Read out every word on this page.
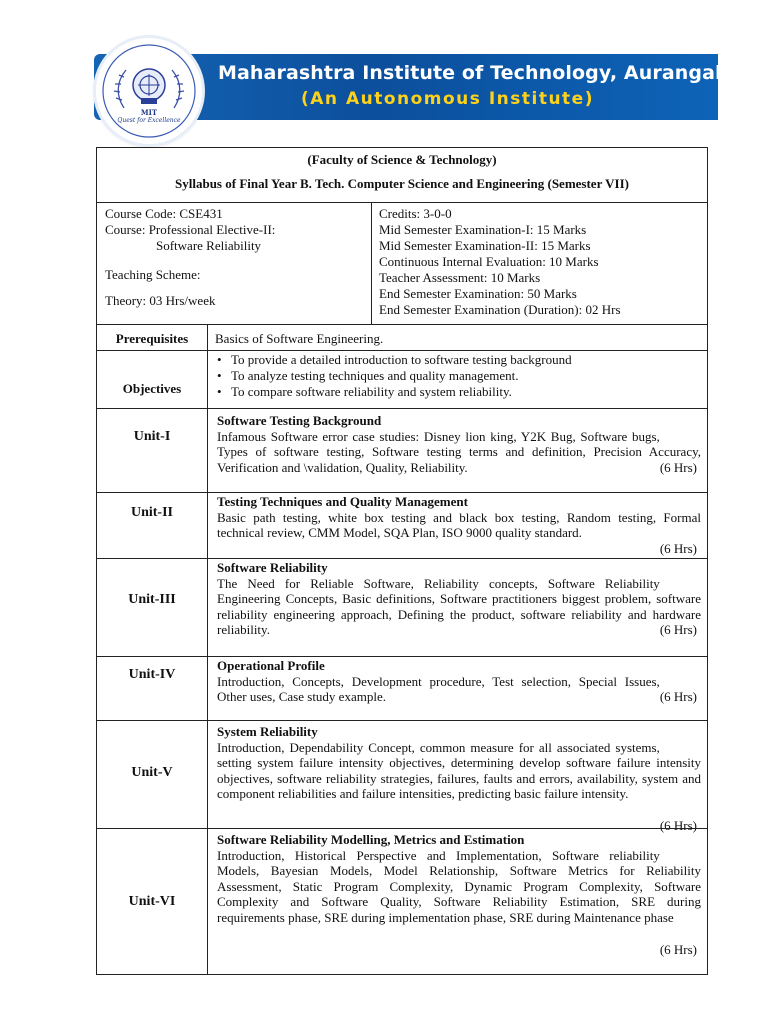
Maharashtra Institute of Technology, Aurangabad
(An Autonomous Institute)
MIT
Quest for Excellence
(Faculty of Science & Technology)
Syllabus of Final Year B. Tech. Computer Science and Engineering (Semester VII)
Course Code: CSE431
Course: Professional Elective-II:
Software Reliability
Teaching Scheme:
Theory: 03 Hrs/week
Credits: 3-0-0
Mid Semester Examination-I: 15 Marks
Mid Semester Examination-II: 15 Marks
Continuous Internal Evaluation: 10 Marks
Teacher Assessment: 10 Marks
End Semester Examination: 50 Marks
End Semester Examination (Duration): 02 Hrs
Prerequisites	Basics of Software Engineering.
Objectives
• To provide a detailed introduction to software testing background
• To analyze testing techniques and quality management.
• To compare software reliability and system reliability.
Unit-I
Software Testing Background
(6 Hrs)
Infamous Software error case studies: Disney lion king, Y2K Bug, Software bugs, Types of software testing, Software testing terms and definition, Precision Accuracy, Verification and \validation, Quality, Reliability.
Unit-II
Testing Techniques and Quality Management
Basic path testing, white box testing and black box testing, Random testing, Formal technical review, CMM Model, SQA Plan, ISO 9000 quality standard.
(6 Hrs)
Unit-III
Software Reliability
(6 Hrs)
The Need for Reliable Software, Reliability concepts, Software Reliability Engineering Concepts, Basic definitions, Software practitioners biggest problem, software reliability engineering approach, Defining the product, software reliability and hardware reliability.
Unit-IV
Operational Profile
(6 Hrs)
Introduction, Concepts, Development procedure, Test selection, Special Issues, Other uses, Case study example.
Unit-V
System Reliability
(6 Hrs)
Introduction, Dependability Concept, common measure for all associated systems, setting system failure intensity objectives, determining develop software failure intensity objectives, software reliability strategies, failures, faults and errors, availability, system and component reliabilities and failure intensities, predicting basic failure intensity.
Unit-VI
Software Reliability Modelling, Metrics and Estimation
(6 Hrs)
Introduction, Historical Perspective and Implementation, Software reliability Models, Bayesian Models, Model Relationship, Software Metrics for Reliability Assessment, Static Program Complexity, Dynamic Program Complexity, Software Complexity and Software Quality, Software Reliability Estimation, SRE during requirements phase, SRE during implementation phase, SRE during Maintenance phase
